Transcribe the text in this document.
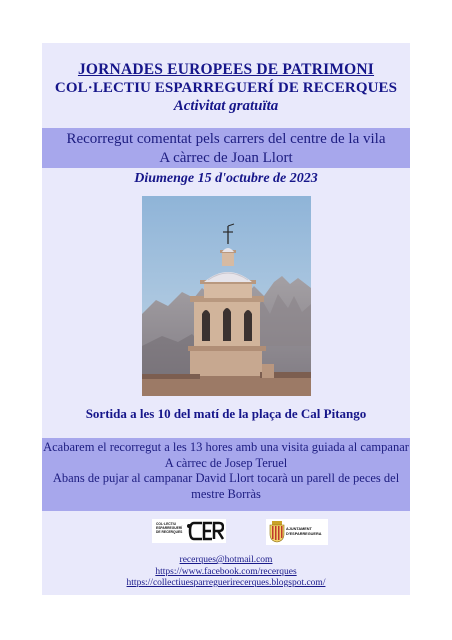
JORNADES EUROPEES DE PATRIMONI
COL·LECTIU ESPARREGUERÍ DE RECERQUES
Activitat gratuïta
Recorregut comentat pels carrers del centre de la vila
A càrrec de Joan Llort
Diumenge 15 d'octubre de 2023
Sortida a les 10 del matí de la plaça de Cal Pitango
Acabarem el recorregut a les 13 hores amb una visita guiada al campanar
A càrrec de Josep Teruel
Abans de pujar al campanar David Llort tocarà un parell de peces del
mestre Borràs
COL·LECTIU
ESPARREGUERÍ
DE RECERQUES
AJUNTAMENT
D'ESPARREGUERA
recerques@hotmail.com
https://www.facebook.com/recerques
https://collectiuesparreguerirecerques.blogspot.com/
